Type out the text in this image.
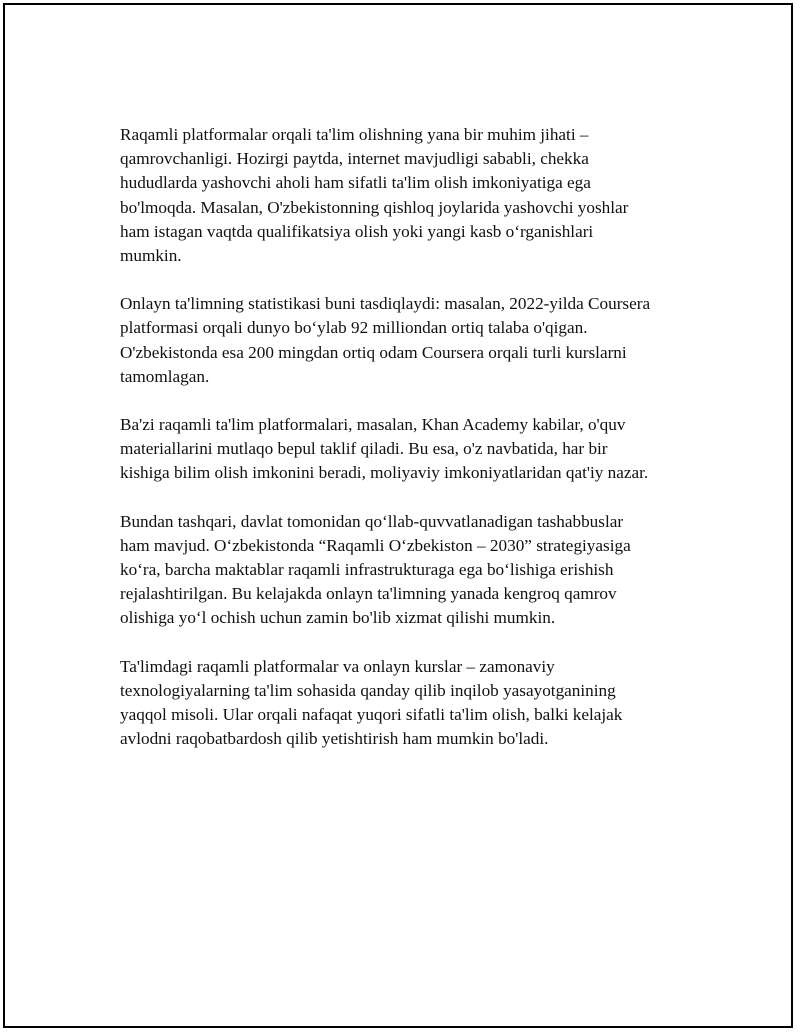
Raqamli platformalar orqali ta'lim olishning yana bir muhim jihati –
qamrovchanligi. Hozirgi paytda, internet mavjudligi sababli, chekka
hududlarda yashovchi aholi ham sifatli ta'lim olish imkoniyatiga ega
bo'lmoqda. Masalan, O'zbekistonning qishloq joylarida yashovchi yoshlar
ham istagan vaqtda qualifikatsiya olish yoki yangi kasb o‘rganishlari
mumkin.

Onlayn ta'limning statistikasi buni tasdiqlaydi: masalan, 2022-yilda Coursera
platformasi orqali dunyo bo‘ylab 92 milliondan ortiq talaba o'qigan.
O'zbekistonda esa 200 mingdan ortiq odam Coursera orqali turli kurslarni
tamomlagan.

Ba'zi raqamli ta'lim platformalari, masalan, Khan Academy kabilar, o'quv
materiallarini mutlaqo bepul taklif qiladi. Bu esa, o'z navbatida, har bir
kishiga bilim olish imkonini beradi, moliyaviy imkoniyatlaridan qat'iy nazar.

Bundan tashqari, davlat tomonidan qo‘llab-quvvatlanadigan tashabbuslar
ham mavjud. O‘zbekistonda “Raqamli O‘zbekiston – 2030” strategiyasiga
ko‘ra, barcha maktablar raqamli infrastrukturaga ega bo‘lishiga erishish
rejalashtirilgan. Bu kelajakda onlayn ta'limning yanada kengroq qamrov
olishiga yo‘l ochish uchun zamin bo'lib xizmat qilishi mumkin.

Ta'limdagi raqamli platformalar va onlayn kurslar – zamonaviy
texnologiyalarning ta'lim sohasida qanday qilib inqilob yasayotganining
yaqqol misoli. Ular orqali nafaqat yuqori sifatli ta'lim olish, balki kelajak
avlodni raqobatbardosh qilib yetishtirish ham mumkin bo'ladi.
